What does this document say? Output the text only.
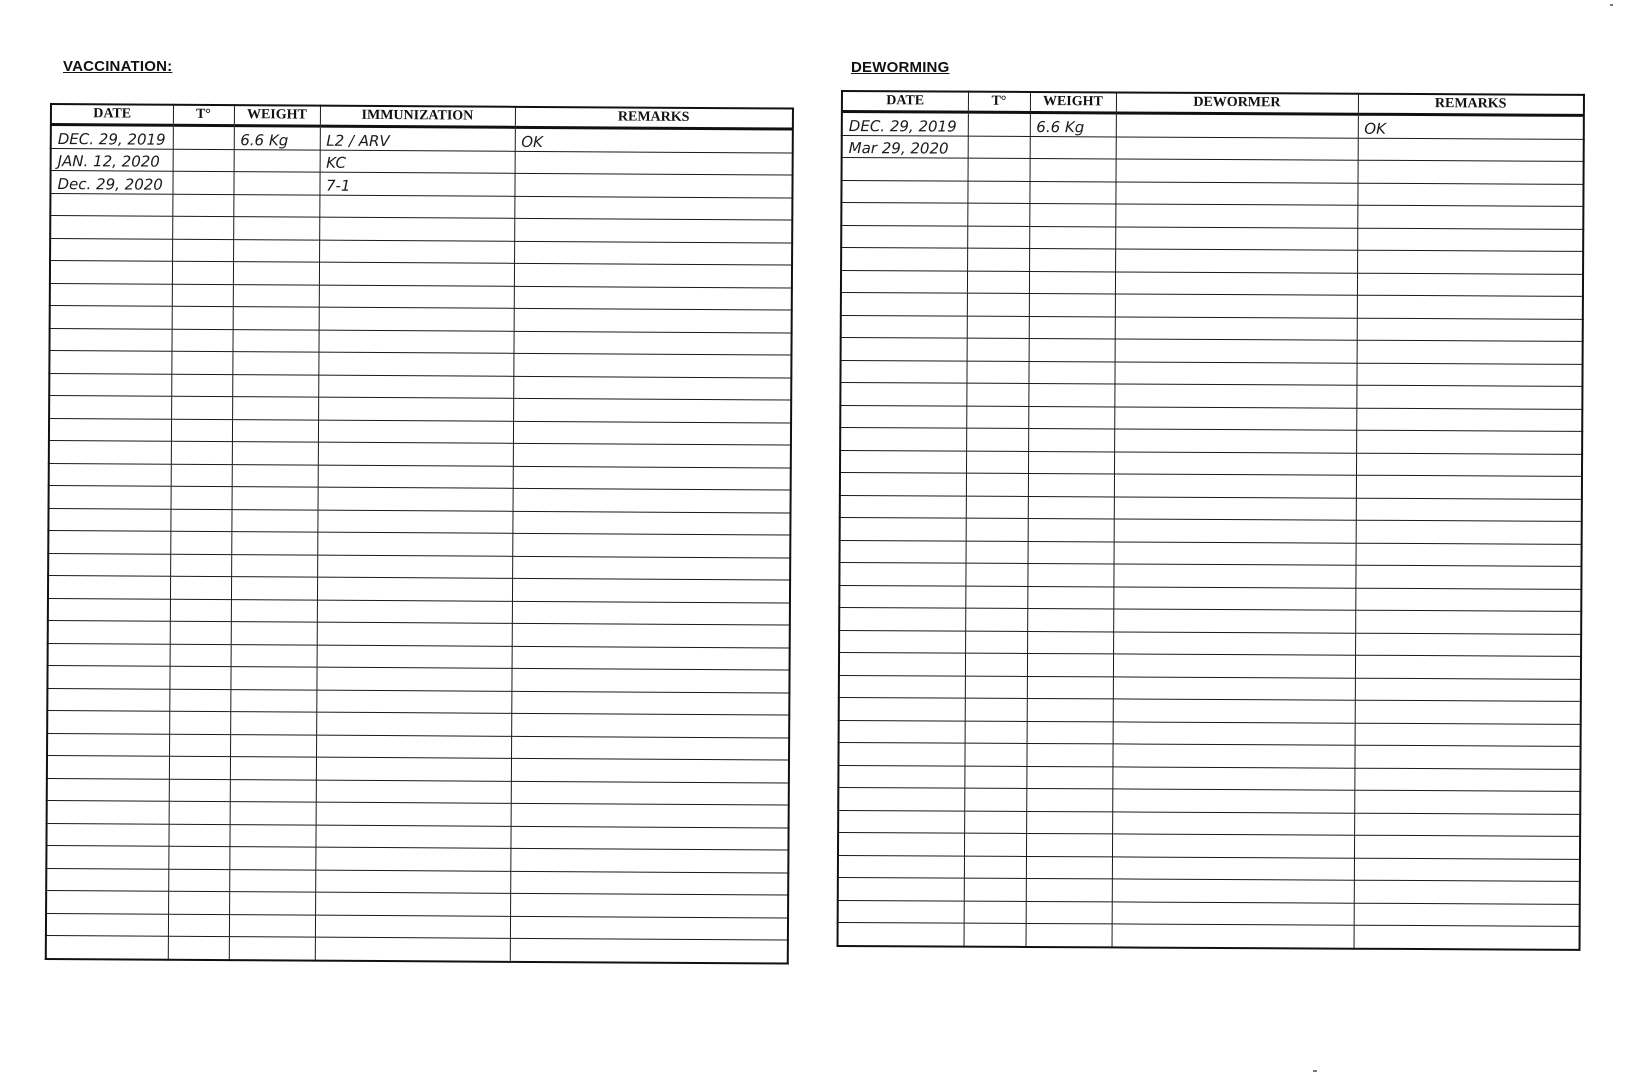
VACCINATION:
DATE	T°	WEIGHT	IMMUNIZATION	REMARKS
DEC. 29, 2019		6.6 Kg	L2 / ARV	OK
JAN. 12, 2020			KC	
Dec. 29, 2020			7-1	

DEWORMING
DATE	T°	WEIGHT	DEWORMER	REMARKS
DEC. 29, 2019		6.6 Kg		OK
Mar 29, 2020				
